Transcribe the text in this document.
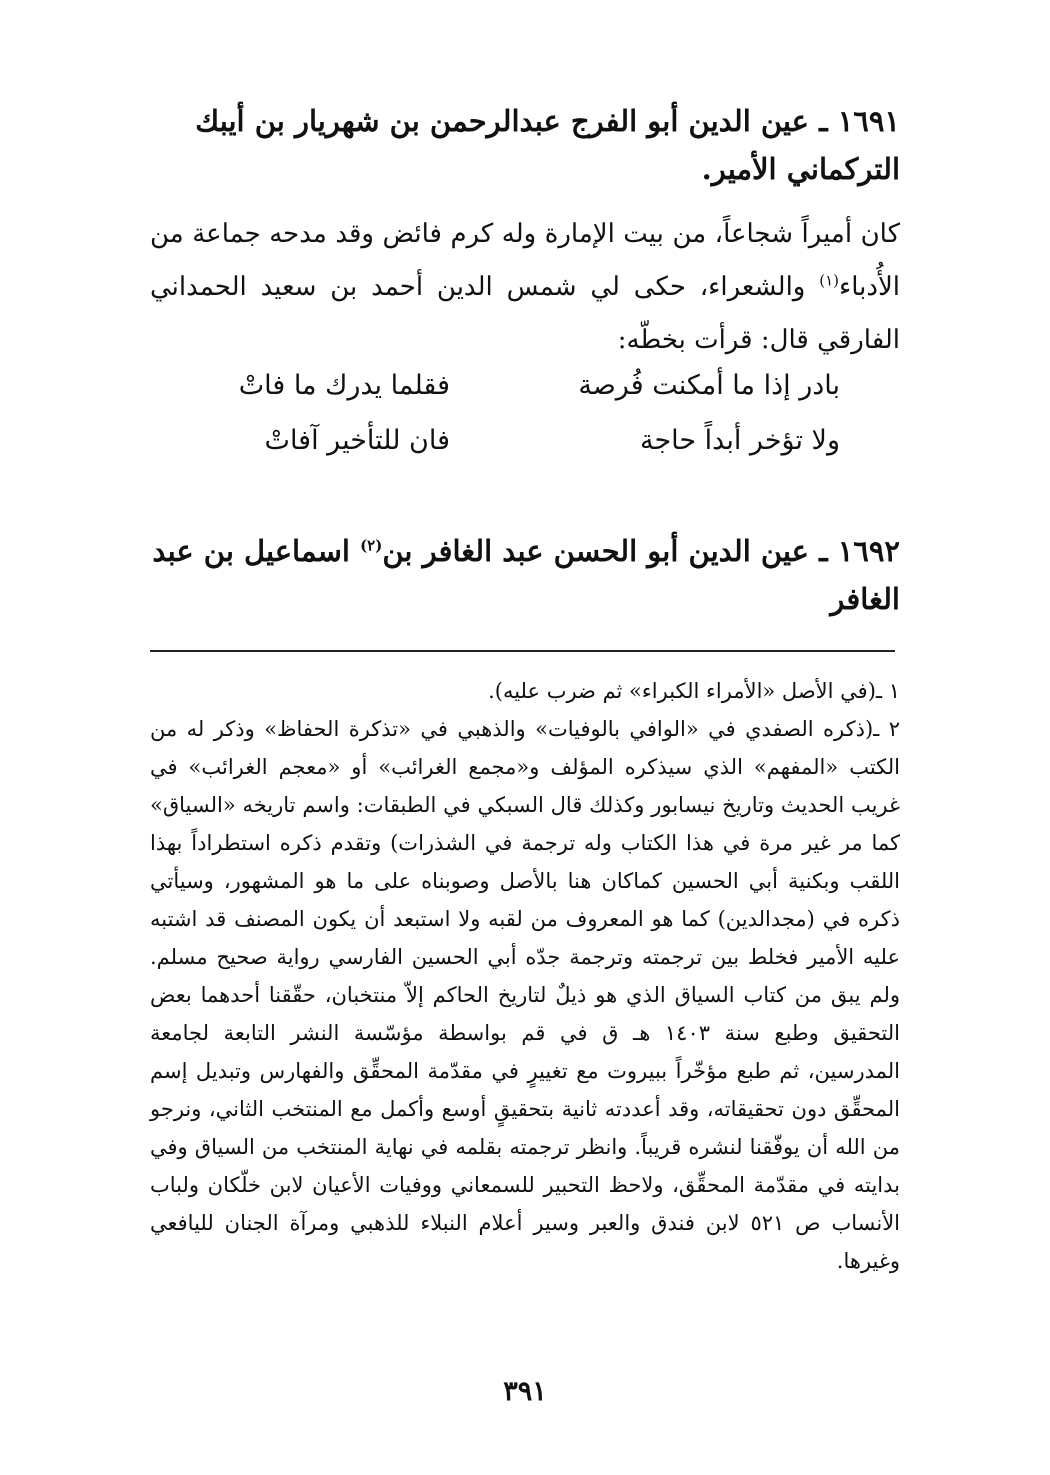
١٦٩١ ـ عين الدين أبو الفرج عبدالرحمن بن شهريار بن أيبك التركماني الأمير.
كان أميراً شجاعاً، من بيت الإمارة وله كرم فائض وقد مدحه جماعة من الأُدباء$^{(١)}$ والشعراء، حكى لي شمس الدين أحمد بن سعيد الحمداني الفارقي قال: قرأت بخطّه:
بادر إذا ما أمكنت فُرصة
فقلما يدرك ما فاتْ
ولا تؤخر أبداً حاجة
فان للتأخير آفاتْ
١٦٩٢ ـ عين الدين أبو الحسن عبد الغافر بن$^{(٢)}$ اسماعيل بن عبد الغافر

١ ـ(في الأصل «الأمراء الكبراء» ثم ضرب عليه).

٢ ـ(ذكره الصفدي في «الوافي بالوفيات» والذهبي في «تذكرة الحفاظ» وذكر له من الكتب «المفهم» الذي سيذكره المؤلف و«مجمع الغرائب» أو «معجم الغرائب» في غريب الحديث وتاريخ نيسابور وكذلك قال السبكي في الطبقات: واسم تاريخه «السياق» كما مر غير مرة في هذا الكتاب وله ترجمة في الشذرات) وتقدم ذكره استطراداً بهذا اللقب وبكنية أبي الحسين كماكان هنا بالأصل وصوبناه على ما هو المشهور، وسيأتي ذكره في (مجدالدين) كما هو المعروف من لقبه ولا استبعد أن يكون المصنف قد اشتبه عليه الأمير فخلط بين ترجمته وترجمة جدّه أبي الحسين الفارسي رواية صحيح مسلم. ولم يبق من كتاب السياق الذي هو ذيلٌ لتاريخ الحاكم إلاّ منتخبان، حقّقنا أحدهما بعض التحقيق وطبع سنة ١٤٠٣ هـ ق في قم بواسطة مؤسّسة النشر التابعة لجامعة المدرسين، ثم طبع مؤخّراً ببيروت مع تغييرٍ في مقدّمة المحقِّق والفهارس وتبديل إسم المحقِّق دون تحقيقاته، وقد أعددته ثانية بتحقيقٍ أوسع وأكمل مع المنتخب الثاني، ونرجو من الله أن يوفّقنا لنشره قريباً. وانظر ترجمته بقلمه في نهاية المنتخب من السياق وفي بدايته في مقدّمة المحقِّق، ولاحظ التحبير للسمعاني ووفيات الأعيان لابن خلّكان ولباب الأنساب ص ٥٢١ لابن فندق والعبر وسير أعلام النبلاء للذهبي ومرآة الجنان لليافعي وغيرها.

٣٩١
